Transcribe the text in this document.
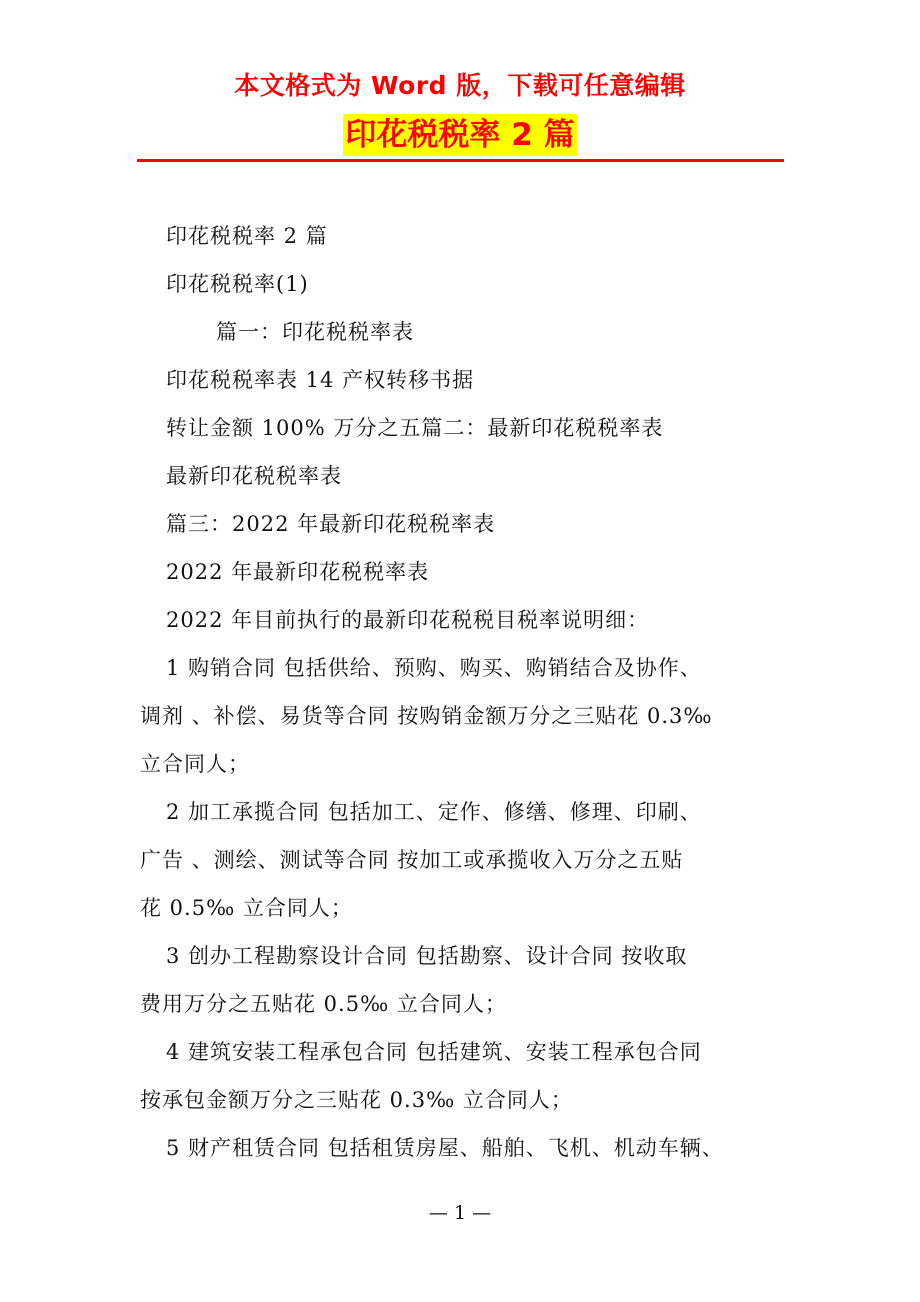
本文格式为 Word 版，下载可任意编辑
印花税税率 2 篇
印花税税率 2 篇
印花税税率(1)
篇一：印花税税率表
印花税税率表 14 产权转移书据
转让金额 100% 万分之五篇二：最新印花税税率表
最新印花税税率表
篇三：2022 年最新印花税税率表
2022 年最新印花税税率表
2022 年目前执行的最新印花税税目税率说明细：
1 购销合同 包括供给、预购、购买、购销结合及协作、
调剂 、补偿、易货等合同 按购销金额万分之三贴花 0.3‰
立合同人；
2 加工承揽合同 包括加工、定作、修缮、修理、印刷、
广告 、测绘、测试等合同 按加工或承揽收入万分之五贴
花 0.5‰ 立合同人；
3 创办工程勘察设计合同 包括勘察、设计合同 按收取
费用万分之五贴花 0.5‰ 立合同人；
4 建筑安装工程承包合同 包括建筑、安装工程承包合同
按承包金额万分之三贴花 0.3‰ 立合同人；
5 财产租赁合同 包括租赁房屋、船舶、飞机、机动车辆、
— 1 —
